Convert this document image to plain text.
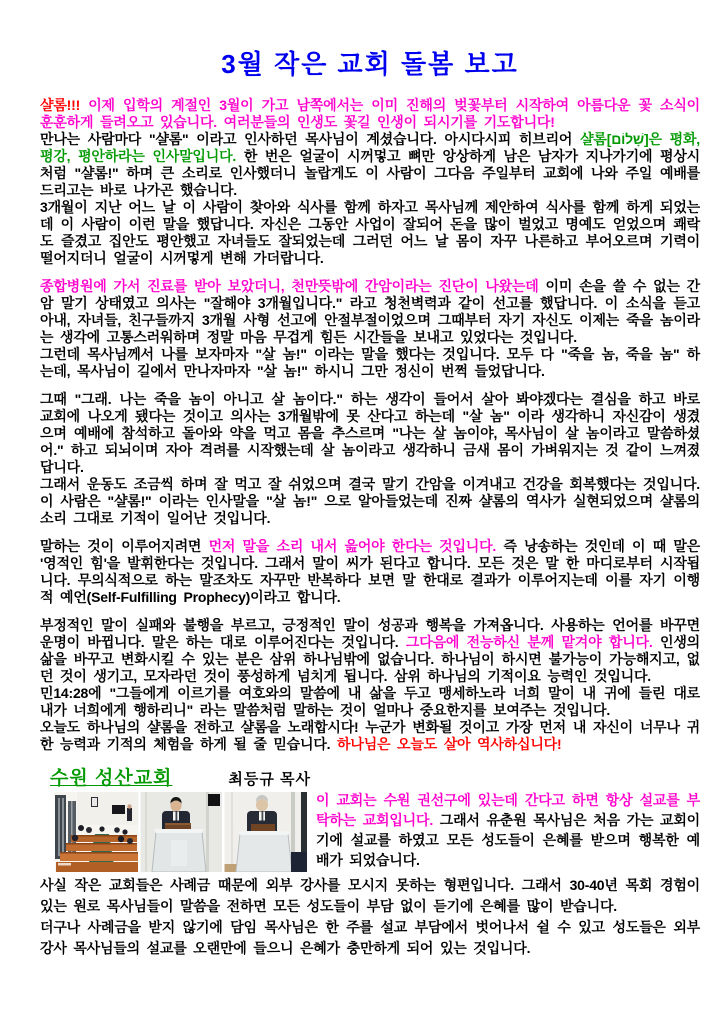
3월 작은 교회 돌봄 보고

샬롬!!! 이제 입학의 계절인 3월이 가고 남쪽에서는 이미 진해의 벚꽃부터 시작하여 아름다운 꽃 소식이 훈훈하게 들려오고 있습니다. 여러분들의 인생도 꽃길 인생이 되시기를 기도합니다!

만나는 사람마다 "샬롬" 이라고 인사하던 목사님이 계셨습니다. 아시다시피 히브리어 샬롬[שָׁלוֹם]은 평화, 평강, 평안하라는 인사말입니다. 한 번은 얼굴이 시꺼멓고 뼈만 앙상하게 남은 남자가 지나가기에 평상시처럼 "샬롬!" 하며 큰 소리로 인사했더니 놀랍게도 이 사람이 그다음 주일부터 교회에 나와 주일 예배를 드리고는 바로 나가곤 했습니다.

3개월이 지난 어느 날 이 사람이 찾아와 식사를 함께 하자고 목사님께 제안하여 식사를 함께 하게 되었는데 이 사람이 이런 말을 했답니다. 자신은 그동안 사업이 잘되어 돈을 많이 벌었고 명예도 얻었으며 쾌락도 즐겼고 집안도 평안했고 자녀들도 잘되었는데 그러던 어느 날 몸이 자꾸 나른하고 부어오르며 기력이 떨어지더니 얼굴이 시꺼멓게 변해 가더랍니다.

종합병원에 가서 진료를 받아 보았더니, 천만뜻밖에 간암이라는 진단이 나왔는데 이미 손을 쓸 수 없는 간암 말기 상태였고 의사는 "잘해야 3개월입니다." 라고 청천벽력과 같이 선고를 했답니다. 이 소식을 듣고 아내, 자녀들, 친구들까지 3개월 사형 선고에 안절부절이었으며 그때부터 자기 자신도 이제는 죽을 놈이라는 생각에 고통스러워하며 정말 마음 무겁게 힘든 시간들을 보내고 있었다는 것입니다.

그런데 목사님께서 나를 보자마자 "살 놈!" 이라는 말을 했다는 것입니다. 모두 다 "죽을 놈, 죽을 놈" 하는데, 목사님이 길에서 만나자마자 "살 놈!" 하시니 그만 정신이 번쩍 들었답니다.

그때 "그래. 나는 죽을 놈이 아니고 살 놈이다." 하는 생각이 들어서 살아 봐야겠다는 결심을 하고 바로 교회에 나오게 됐다는 것이고 의사는 3개월밖에 못 산다고 하는데 "살 놈" 이라 생각하니 자신감이 생겼으며 예배에 참석하고 돌아와 약을 먹고 몸을 추스르며 "나는 살 놈이야, 목사님이 살 놈이라고 말씀하셨어." 하고 되뇌이며 자아 격려를 시작했는데 살 놈이라고 생각하니 금새 몸이 가벼워지는 것 같이 느껴졌답니다.

그래서 운동도 조금씩 하며 잘 먹고 잘 쉬었으며 결국 말기 간암을 이겨내고 건강을 회복했다는 것입니다. 이 사람은 "샬롬!" 이라는 인사말을 "살 놈!" 으로 알아들었는데 진짜 샬롬의 역사가 실현되었으며 샬롬의 소리 그대로 기적이 일어난 것입니다.

말하는 것이 이루어지려면 먼저 말을 소리 내서 읊어야 한다는 것입니다. 즉 낭송하는 것인데 이 때 말은 '영적인 힘'을 발휘한다는 것입니다. 그래서 말이 씨가 된다고 합니다. 모든 것은 말 한 마디로부터 시작됩니다. 무의식적으로 하는 말조차도 자꾸만 반복하다 보면 말 한대로 결과가 이루어지는데 이를 자기 이행적 예언(Self-Fulfilling Prophecy)이라고 합니다.

부정적인 말이 실패와 불행을 부르고, 긍정적인 말이 성공과 행복을 가져옵니다. 사용하는 언어를 바꾸면 운명이 바뀝니다. 말은 하는 대로 이루어진다는 것입니다. 그다음에 전능하신 분께 맡겨야 합니다. 인생의 삶을 바꾸고 변화시킬 수 있는 분은 삼위 하나님밖에 없습니다. 하나님이 하시면 불가능이 가능해지고, 없던 것이 생기고, 모자라던 것이 풍성하게 넘치게 됩니다. 삼위 하나님의 기적이요 능력인 것입니다.

민14:28에 "그들에게 이르기를 여호와의 말씀에 내 삶을 두고 맹세하노라 너희 말이 내 귀에 들린 대로 내가 너희에게 행하리니" 라는 말씀처럼 말하는 것이 얼마나 중요한지를 보여주는 것입니다.

오늘도 하나님의 샬롬을 전하고 샬롬을 노래합시다! 누군가 변화될 것이고 가장 먼저 내 자신이 너무나 귀한 능력과 기적의 체험을 하게 될 줄 믿습니다. 하나님은 오늘도 살아 역사하십니다!

수원 성산교회	최등규 목사

이 교회는 수원 권선구에 있는데 간다고 하면 항상 설교를 부탁하는 교회입니다. 그래서 유춘원 목사님은 처음 가는 교회이기에 설교를 하였고 모든 성도들이 은혜를 받으며 행복한 예배가 되었습니다.

사실 작은 교회들은 사례금 때문에 외부 강사를 모시지 못하는 형편입니다. 그래서 30-40년 목회 경험이 있는 원로 목사님들이 말씀을 전하면 모든 성도들이 부담 없이 듣기에 은혜를 많이 받습니다.

더구나 사례금을 받지 않기에 담임 목사님은 한 주를 설교 부담에서 벗어나서 쉴 수 있고 성도들은 외부 강사 목사님들의 설교를 오랜만에 들으니 은혜가 충만하게 되어 있는 것입니다.
